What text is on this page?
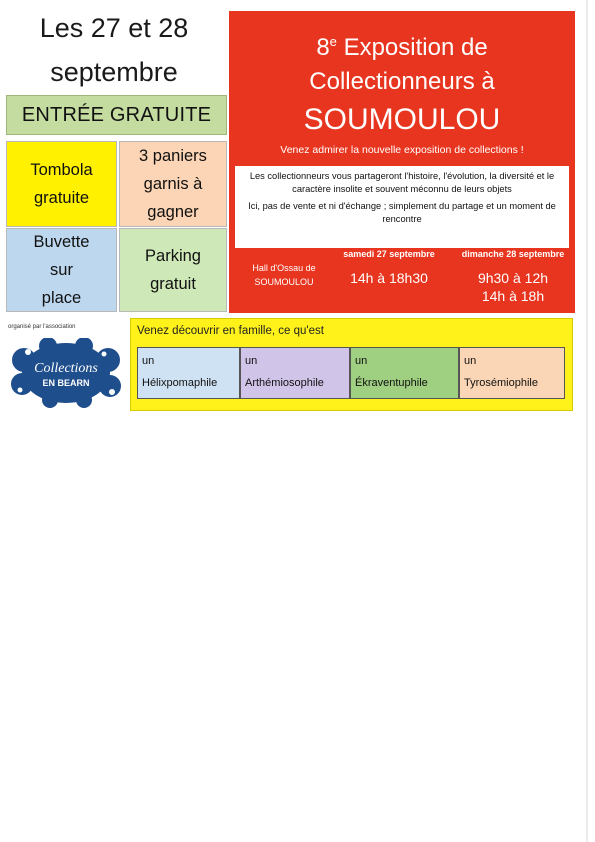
Les 27 et 28
septembre
ENTRÉE GRATUITE
Tombola
gratuite
3 paniers
garnis à
gagner
Buvette
sur
place
Parking
gratuit
8e Exposition de
Collectionneurs à
SOUMOULOU
Venez admirer la nouvelle exposition de collections !

Les collectionneurs vous partageront l'histoire, l'évolution, la diversité et le caractère insolite et souvent méconnu de leurs objets

Ici, pas de vente et ni d'échange ; simplement du partage et un moment de rencontre

Hall d'Ossau de
SOUMOULOU
samedi 27 septembre
14h à 18h30
dimanche 28 septembre
9h30 à 12h
14h à 18h
organisé par l'association
Collections
EN BEARN
Venez découvrir en famille, ce qu'est
un
Hélixpomaphile
un
Arthémiosophile
un
Ékraventuphile
un
Tyrosémiophile
